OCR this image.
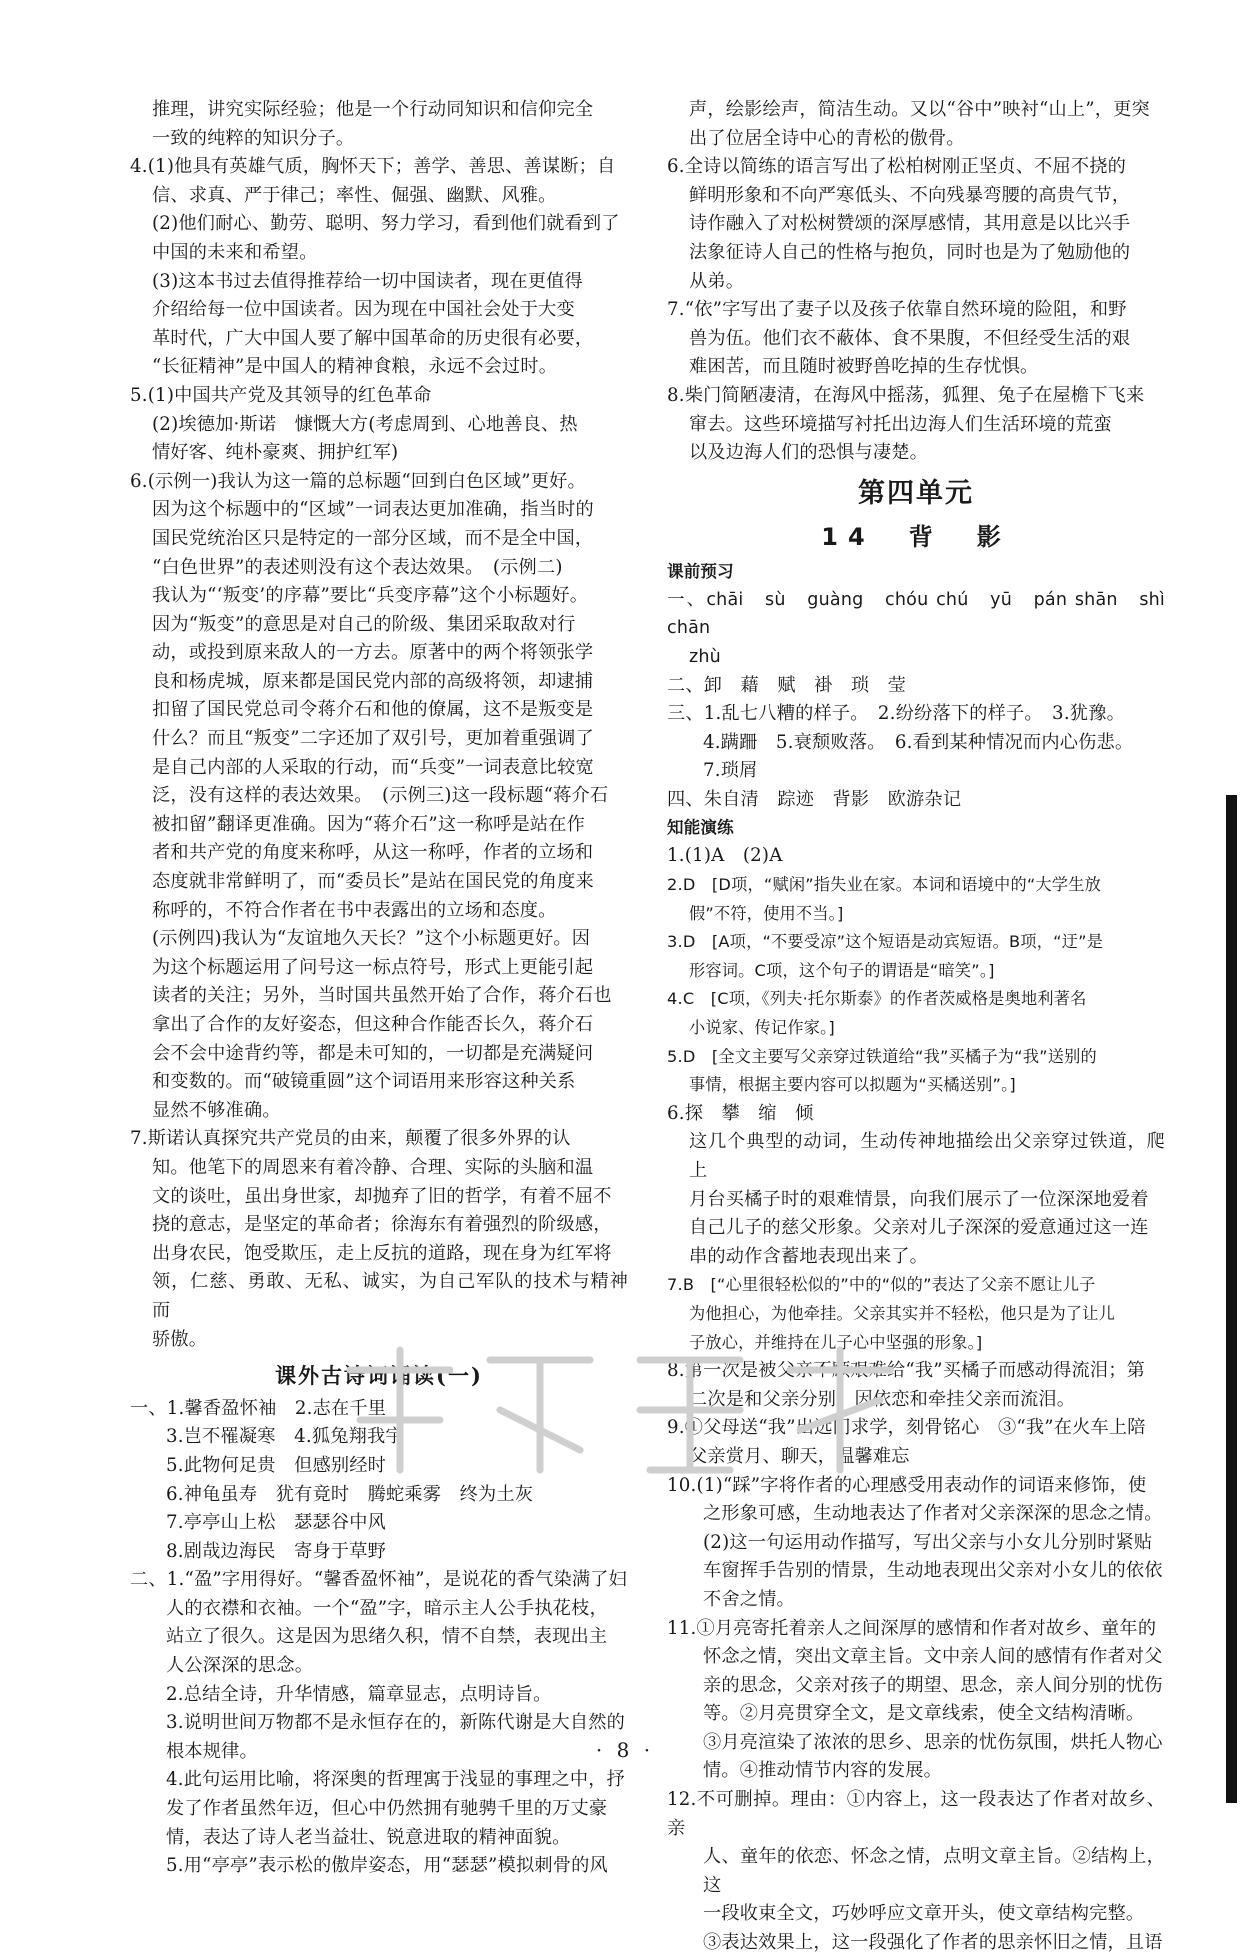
推理，讲究实际经验；他是一个行动同知识和信仰完全

一致的纯粹的知识分子。

4.(1)他具有英雄气质，胸怀天下；善学、善思、善谋断；自

信、求真、严于律己；率性、倔强、幽默、风雅。

(2)他们耐心、勤劳、聪明、努力学习，看到他们就看到了

中国的未来和希望。

(3)这本书过去值得推荐给一切中国读者，现在更值得

介绍给每一位中国读者。因为现在中国社会处于大变

革时代，广大中国人要了解中国革命的历史很有必要，

“长征精神”是中国人的精神食粮，永远不会过时。

5.(1)中国共产党及其领导的红色革命

(2)埃德加·斯诺　慷慨大方(考虑周到、心地善良、热

情好客、纯朴豪爽、拥护红军)

6.(示例一)我认为这一篇的总标题“回到白色区域”更好。

因为这个标题中的“区域”一词表达更加准确，指当时的

国民党统治区只是特定的一部分区域，而不是全中国，

“白色世界”的表述则没有这个表达效果。　(示例二)

我认为“‘叛变’的序幕”要比“兵变序幕”这个小标题好。

因为“叛变”的意思是对自己的阶级、集团采取敌对行

动，或投到原来敌人的一方去。原著中的两个将领张学

良和杨虎城，原来都是国民党内部的高级将领，却逮捕

扣留了国民党总司令蒋介石和他的僚属，这不是叛变是

什么？而且“叛变”二字还加了双引号，更加着重强调了

是自己内部的人采取的行动，而“兵变”一词表意比较宽

泛，没有这样的表达效果。　(示例三)这一段标题“蒋介石

被扣留”翻译更准确。因为“蒋介石”这一称呼是站在作

者和共产党的角度来称呼，从这一称呼，作者的立场和

态度就非常鲜明了，而“委员长”是站在国民党的角度来

称呼的，不符合作者在书中表露出的立场和态度。

(示例四)我认为“友谊地久天长？”这个小标题更好。因

为这个标题运用了问号这一标点符号，形式上更能引起

读者的关注；另外，当时国共虽然开始了合作，蒋介石也

拿出了合作的友好姿态，但这种合作能否长久，蒋介石

会不会中途背约等，都是未可知的，一切都是充满疑问

和变数的。而“破镜重圆”这个词语用来形容这种关系

显然不够准确。

7.斯诺认真探究共产党员的由来，颠覆了很多外界的认

知。他笔下的周恩来有着冷静、合理、实际的头脑和温

文的谈吐，虽出身世家，却抛弃了旧的哲学，有着不屈不

挠的意志，是坚定的革命者；徐海东有着强烈的阶级感，

出身农民，饱受欺压，走上反抗的道路，现在身为红军将

领，仁慈、勇敢、无私、诚实，为自己军队的技术与精神而

骄傲。

课外古诗词诵读(一)

一、1.馨香盈怀袖　2.志在千里

3.岂不罹凝寒　4.狐兔翔我宇

5.此物何足贵　但感别经时

6.神龟虽寿　犹有竟时　腾蛇乘雾　终为土灰

7.亭亭山上松　瑟瑟谷中风

8.剧哉边海民　寄身于草野

二、1.“盈”字用得好。“馨香盈怀袖”，是说花的香气染满了妇

人的衣襟和衣袖。一个“盈”字，暗示主人公手执花枝，

站立了很久。这是因为思绪久积，情不自禁，表现出主

人公深深的思念。

2.总结全诗，升华情感，篇章显志，点明诗旨。

3.说明世间万物都不是永恒存在的，新陈代谢是大自然的

根本规律。

4.此句运用比喻，将深奥的哲理寓于浅显的事理之中，抒

发了作者虽然年迈，但心中仍然拥有驰骋千里的万丈豪

情，表达了诗人老当益壮、锐意进取的精神面貌。

5.用“亭亭”表示松的傲岸姿态，用“瑟瑟”模拟刺骨的风

声，绘影绘声，简洁生动。又以“谷中”映衬“山上”，更突

出了位居全诗中心的青松的傲骨。

6.全诗以简练的语言写出了松柏树刚正坚贞、不屈不挠的

鲜明形象和不向严寒低头、不向残暴弯腰的高贵气节，

诗作融入了对松树赞颂的深厚感情，其用意是以比兴手

法象征诗人自己的性格与抱负，同时也是为了勉励他的

从弟。

7.“依”字写出了妻子以及孩子依靠自然环境的险阻，和野

兽为伍。他们衣不蔽体、食不果腹，不但经受生活的艰

难困苦，而且随时被野兽吃掉的生存忧惧。

8.柴门简陋凄清，在海风中摇荡，狐狸、兔子在屋檐下飞来

窜去。这些环境描写衬托出边海人们生活环境的荒蛮

以及边海人们的恐惧与凄楚。

第四单元
14　背　影
课前预习

一、chāi　sù　guàng　chóu chú　yū　pán shān　shì　chān

zhù

二、卸　藉　赋　褂　琐　莹

三、1.乱七八糟的样子。　2.纷纷落下的样子。　3.犹豫。

4.蹒跚　5.衰颓败落。　6.看到某种情况而内心伤悲。

7.琐屑

四、朱自清　踪迹　背影　欧游杂记

知能演练

1.(1)A　(2)A

2.D　[D项，“赋闲”指失业在家。本词和语境中的“大学生放

假”不符，使用不当。]

3.D　[A项，“不要受凉”这个短语是动宾短语。B项，“迂”是

形容词。C项，这个句子的谓语是“暗笑”。]

4.C　[C项，《列夫·托尔斯泰》的作者茨威格是奥地利著名

小说家、传记作家。]

5.D　[全文主要写父亲穿过铁道给“我”买橘子为“我”送别的

事情，根据主要内容可以拟题为“买橘送别”。]

6.探　攀　缩　倾

这几个典型的动词，生动传神地描绘出父亲穿过铁道，爬上

月台买橘子时的艰难情景，向我们展示了一位深深地爱着

自己儿子的慈父形象。父亲对儿子深深的爱意通过这一连

串的动作含蓄地表现出来了。

7.B　[“心里很轻松似的”中的“似的”表达了父亲不愿让儿子

为他担心，为他牵挂。父亲其实并不轻松，他只是为了让儿

子放心，并维持在儿子心中坚强的形象。]

8.第一次是被父亲不顾艰难给“我”买橘子而感动得流泪；第

二次是和父亲分别，因依恋和牵挂父亲而流泪。

9.①父母送“我”出远门求学，刻骨铭心　③“我”在火车上陪

父亲赏月、聊天，温馨难忘

10.(1)“踩”字将作者的心理感受用表动作的词语来修饰，使

之形象可感，生动地表达了作者对父亲深深的思念之情。

(2)这一句运用动作描写，写出父亲与小女儿分别时紧贴

车窗挥手告别的情景，生动地表现出父亲对小女儿的依依

不舍之情。

11.①月亮寄托着亲人之间深厚的感情和作者对故乡、童年的

怀念之情，突出文章主旨。文中亲人间的感情有作者对父

亲的思念，父亲对孩子的期望、思念，亲人间分别的忧伤

等。②月亮贯穿全文，是文章线索，使全文结构清晰。

③月亮渲染了浓浓的思乡、思亲的忧伤氛围，烘托人物心

情。④推动情节内容的发展。

12.不可删掉。理由：①内容上，这一段表达了作者对故乡、亲

人、童年的依恋、怀念之情，点明文章主旨。②结构上，这

一段收束全文，巧妙呼应文章开头，使文章结构完整。

③表达效果上，这一段强化了作者的思亲怀旧之情，且语

· 8 ·
